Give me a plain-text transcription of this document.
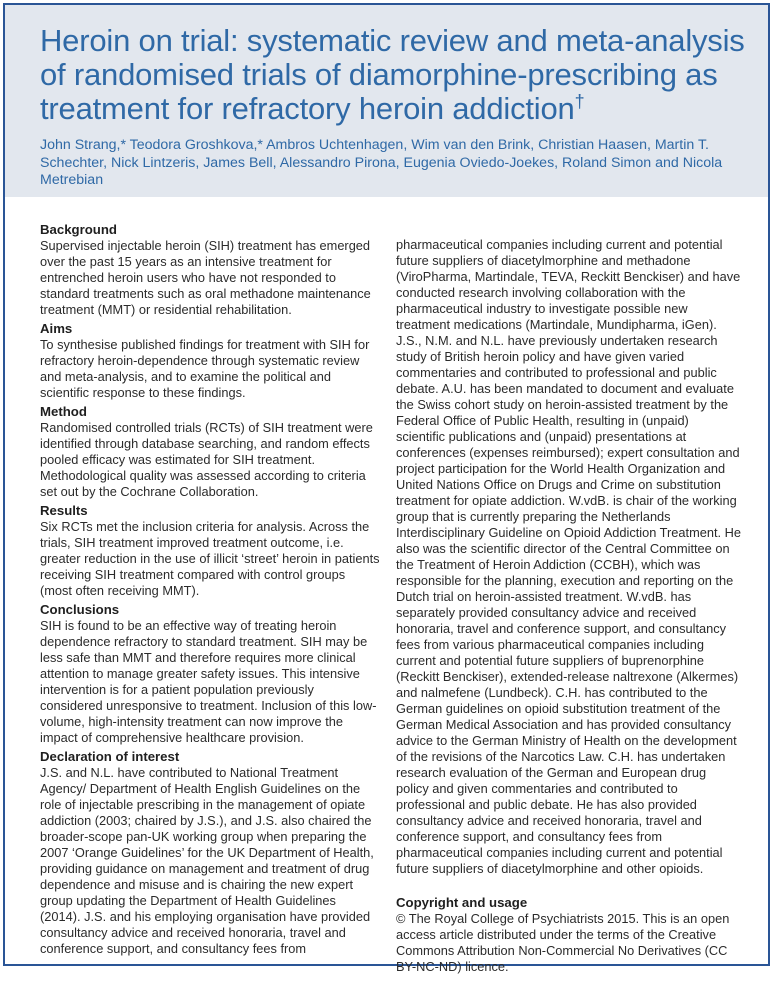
Heroin on trial: systematic review and meta-analysis of randomised trials of diamorphine-prescribing as treatment for refractory heroin addiction†

John Strang,* Teodora Groshkova,* Ambros Uchtenhagen, Wim van den Brink, Christian Haasen, Martin T. Schechter, Nick Lintzeris, James Bell, Alessandro Pirona, Eugenia Oviedo-Joekes, Roland Simon and Nicola Metrebian

Background

Supervised injectable heroin (SIH) treatment has emerged over the past 15 years as an intensive treatment for entrenched heroin users who have not responded to standard treatments such as oral methadone maintenance treatment (MMT) or residential rehabilitation.

Aims

To synthesise published findings for treatment with SIH for refractory heroin-dependence through systematic review and meta-analysis, and to examine the political and scientific response to these findings.

Method

Randomised controlled trials (RCTs) of SIH treatment were identified through database searching, and random effects pooled efficacy was estimated for SIH treatment. Methodological quality was assessed according to criteria set out by the Cochrane Collaboration.

Results

Six RCTs met the inclusion criteria for analysis. Across the trials, SIH treatment improved treatment outcome, i.e. greater reduction in the use of illicit ‘street’ heroin in patients receiving SIH treatment compared with control groups (most often receiving MMT).

Conclusions

SIH is found to be an effective way of treating heroin dependence refractory to standard treatment. SIH may be less safe than MMT and therefore requires more clinical attention to manage greater safety issues. This intensive intervention is for a patient population previously considered unresponsive to treatment. Inclusion of this low-volume, high-intensity treatment can now improve the impact of comprehensive healthcare provision.

Declaration of interest

J.S. and N.L. have contributed to National Treatment Agency/ Department of Health English Guidelines on the role of injectable prescribing in the management of opiate addiction (2003; chaired by J.S.), and J.S. also chaired the broader-scope pan-UK working group when preparing the 2007 ‘Orange Guidelines’ for the UK Department of Health, providing guidance on management and treatment of drug dependence and misuse and is chairing the new expert group updating the Department of Health Guidelines (2014). J.S. and his employing organisation have provided consultancy advice and received honoraria, travel and conference support, and consultancy fees from

pharmaceutical companies including current and potential future suppliers of diacetylmorphine and methadone (ViroPharma, Martindale, TEVA, Reckitt Benckiser) and have conducted research involving collaboration with the pharmaceutical industry to investigate possible new treatment medications (Martindale, Mundipharma, iGen). J.S., N.M. and N.L. have previously undertaken research study of British heroin policy and have given varied commentaries and contributed to professional and public debate. A.U. has been mandated to document and evaluate the Swiss cohort study on heroin-assisted treatment by the Federal Office of Public Health, resulting in (unpaid) scientific publications and (unpaid) presentations at conferences (expenses reimbursed); expert consultation and project participation for the World Health Organization and United Nations Office on Drugs and Crime on substitution treatment for opiate addiction. W.vdB. is chair of the working group that is currently preparing the Netherlands Interdisciplinary Guideline on Opioid Addiction Treatment. He also was the scientific director of the Central Committee on the Treatment of Heroin Addiction (CCBH), which was responsible for the planning, execution and reporting on the Dutch trial on heroin-assisted treatment. W.vdB. has separately provided consultancy advice and received honoraria, travel and conference support, and consultancy fees from various pharmaceutical companies including current and potential future suppliers of buprenorphine (Reckitt Benckiser), extended-release naltrexone (Alkermes) and nalmefene (Lundbeck). C.H. has contributed to the German guidelines on opioid substitution treatment of the German Medical Association and has provided consultancy advice to the German Ministry of Health on the development of the revisions of the Narcotics Law. C.H. has undertaken research evaluation of the German and European drug policy and given commentaries and contributed to professional and public debate. He has also provided consultancy advice and received honoraria, travel and conference support, and consultancy fees from pharmaceutical companies including current and potential future suppliers of diacetylmorphine and other opioids.

Copyright and usage

© The Royal College of Psychiatrists 2015. This is an open access article distributed under the terms of the Creative Commons Attribution Non-Commercial No Derivatives (CC BY-NC-ND) licence.
